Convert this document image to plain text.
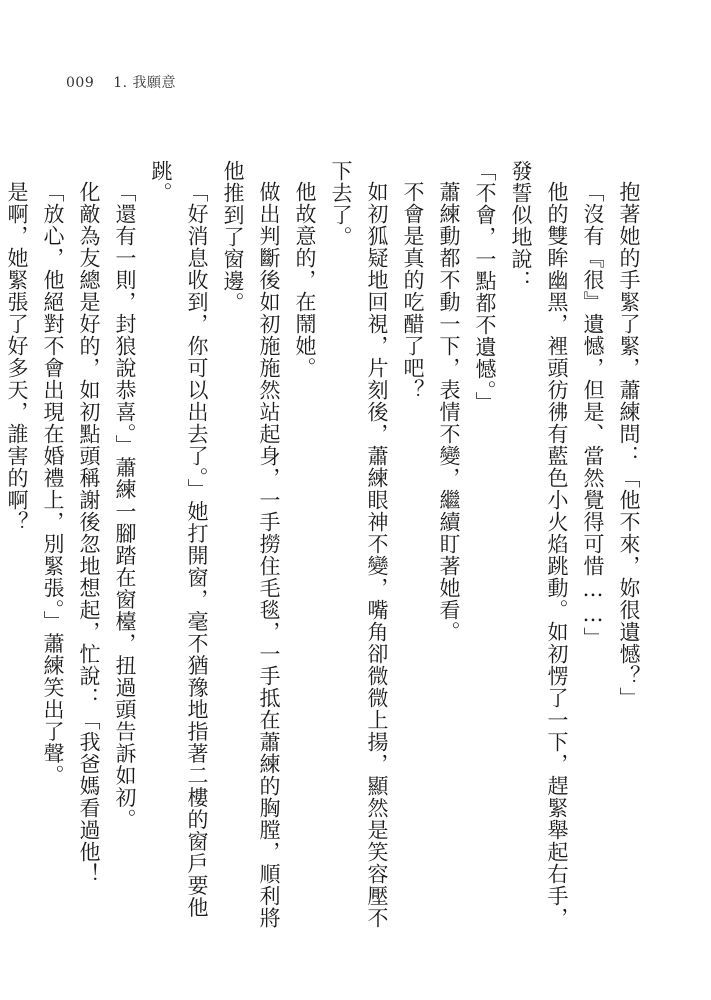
009 1. 我願意

抱著她的手緊了緊，蕭練問：「他不來，妳很遺憾？」

「沒有『很』遺憾，但是、當然覺得可惜……」

他的雙眸幽黑，裡頭彷彿有藍色小火焰跳動。如初愣了一下，趕緊舉起右手，發誓似地說：

「不會，一點都不遺憾。」

蕭練動都不動一下，表情不變，繼續盯著她看。

不會是真的吃醋了吧？

如初狐疑地回視，片刻後，蕭練眼神不變，嘴角卻微微上揚，顯然是笑容壓不下去了。

他故意的，在鬧她。

做出判斷後如初施施然站起身，一手撈住毛毯，一手抵在蕭練的胸膛，順利將他推到了窗邊。

「好消息收到，你可以出去了。」她打開窗，毫不猶豫地指著二樓的窗戶要他跳。

「還有一則，封狼說恭喜。」蕭練一腳踏在窗檯，扭過頭告訴如初。

化敵為友總是好的，如初點頭稱謝後忽地想起，忙說：「我爸媽看過他！

「放心，他絕對不會出現在婚禮上，別緊張。」蕭練笑出了聲。

是啊，她緊張了好多天，誰害的啊？
